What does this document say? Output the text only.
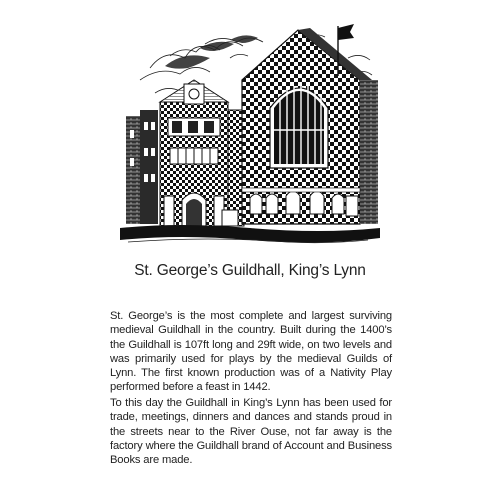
St. George’s Guildhall, King’s Lynn

St. George’s is the most complete and largest surviving medieval Guildhall in the country. Built during the 1400’s the Guildhall is 107ft long and 29ft wide, on two levels and was primarily used for plays by the medieval Guilds of Lynn. The first known production was of a Nativity Play performed before a feast in 1442.

To this day the Guildhall in King’s Lynn has been used for trade, meetings, dinners and dances and stands proud in the streets near to the River Ouse, not far away is the factory where the Guildhall brand of Account and Business Books are made.
